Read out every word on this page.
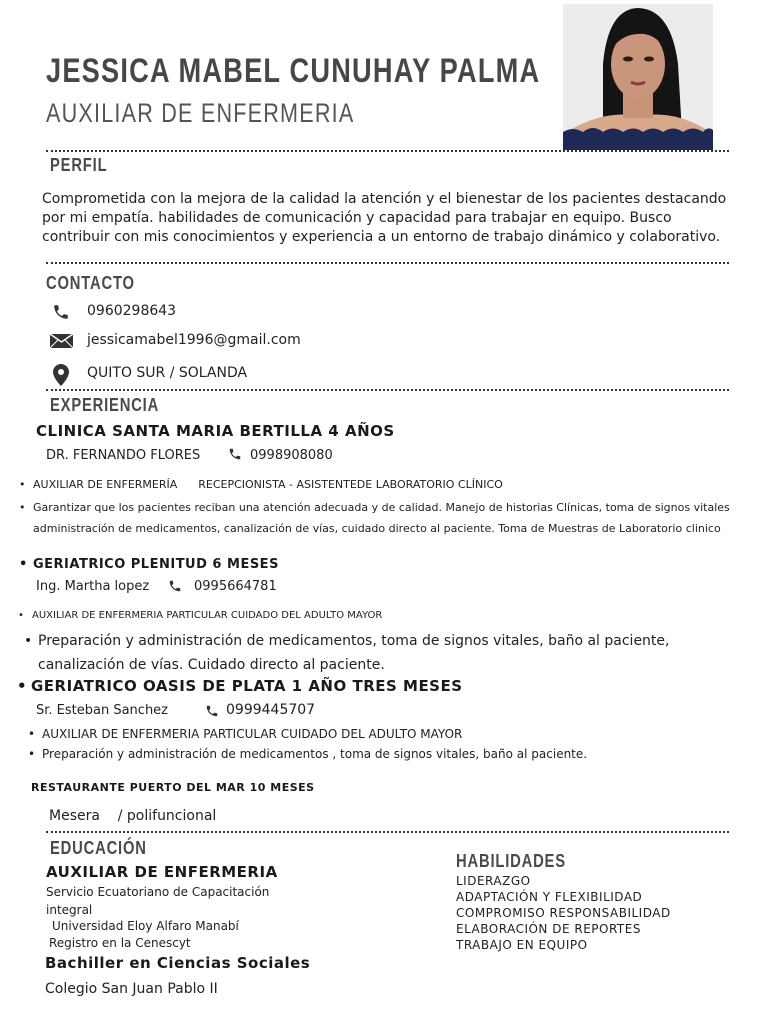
JESSICA MABEL CUNUHAY PALMA
AUXILIAR DE ENFERMERIA
PERFIL
Comprometida con la mejora de la calidad la atención y el bienestar de los pacientes destacando por mi empatía. habilidades de comunicación y capacidad para trabajar en equipo. Busco contribuir con mis conocimientos y experiencia a un entorno de trabajo dinámico y colaborativo.
CONTACTO
0960298643
jessicamabel1996@gmail.com
QUITO SUR / SOLANDA
EXPERIENCIA
CLINICA SANTA MARIA BERTILLA 4 AÑOS
DR. FERNANDO FLORES	0998908080
• AUXILIAR DE ENFERMERÍA      RECEPCIONISTA - ASISTENTEDE LABORATORIO CLÍNICO
• Garantizar que los pacientes reciban una atención adecuada y de calidad. Manejo de historias Clínicas, toma de signos vitales administración de medicamentos, canalización de vías, cuidado directo al paciente. Toma de Muestras de Laboratorio clinico
• GERIATRICO PLENITUD 6 MESES
Ing. Martha lopez	0995664781
• AUXILIAR DE ENFERMERIA PARTICULAR CUIDADO DEL ADULTO MAYOR
• Preparación y administración de medicamentos, toma de signos vitales, baño al paciente, canalización de vías. Cuidado directo al paciente.
• GERIATRICO OASIS DE PLATA 1 AÑO TRES MESES
Sr. Esteban Sanchez	0999445707
• AUXILIAR DE ENFERMERIA PARTICULAR CUIDADO DEL ADULTO MAYOR
• Preparación y administración de medicamentos , toma de signos vitales, baño al paciente.
RESTAURANTE PUERTO DEL MAR 10 MESES
Mesera    / polifuncional
EDUCACIÓN
AUXILIAR DE ENFERMERIA
Servicio Ecuatoriano de Capacitación integral
Universidad Eloy Alfaro Manabí
Registro en la Cenescyt
Bachiller en Ciencias Sociales
Colegio San Juan Pablo II
HABILIDADES
LIDERAZGO
ADAPTACIÓN Y FLEXIBILIDAD
COMPROMISO RESPONSABILIDAD
ELABORACIÓN DE REPORTES
TRABAJO EN EQUIPO
